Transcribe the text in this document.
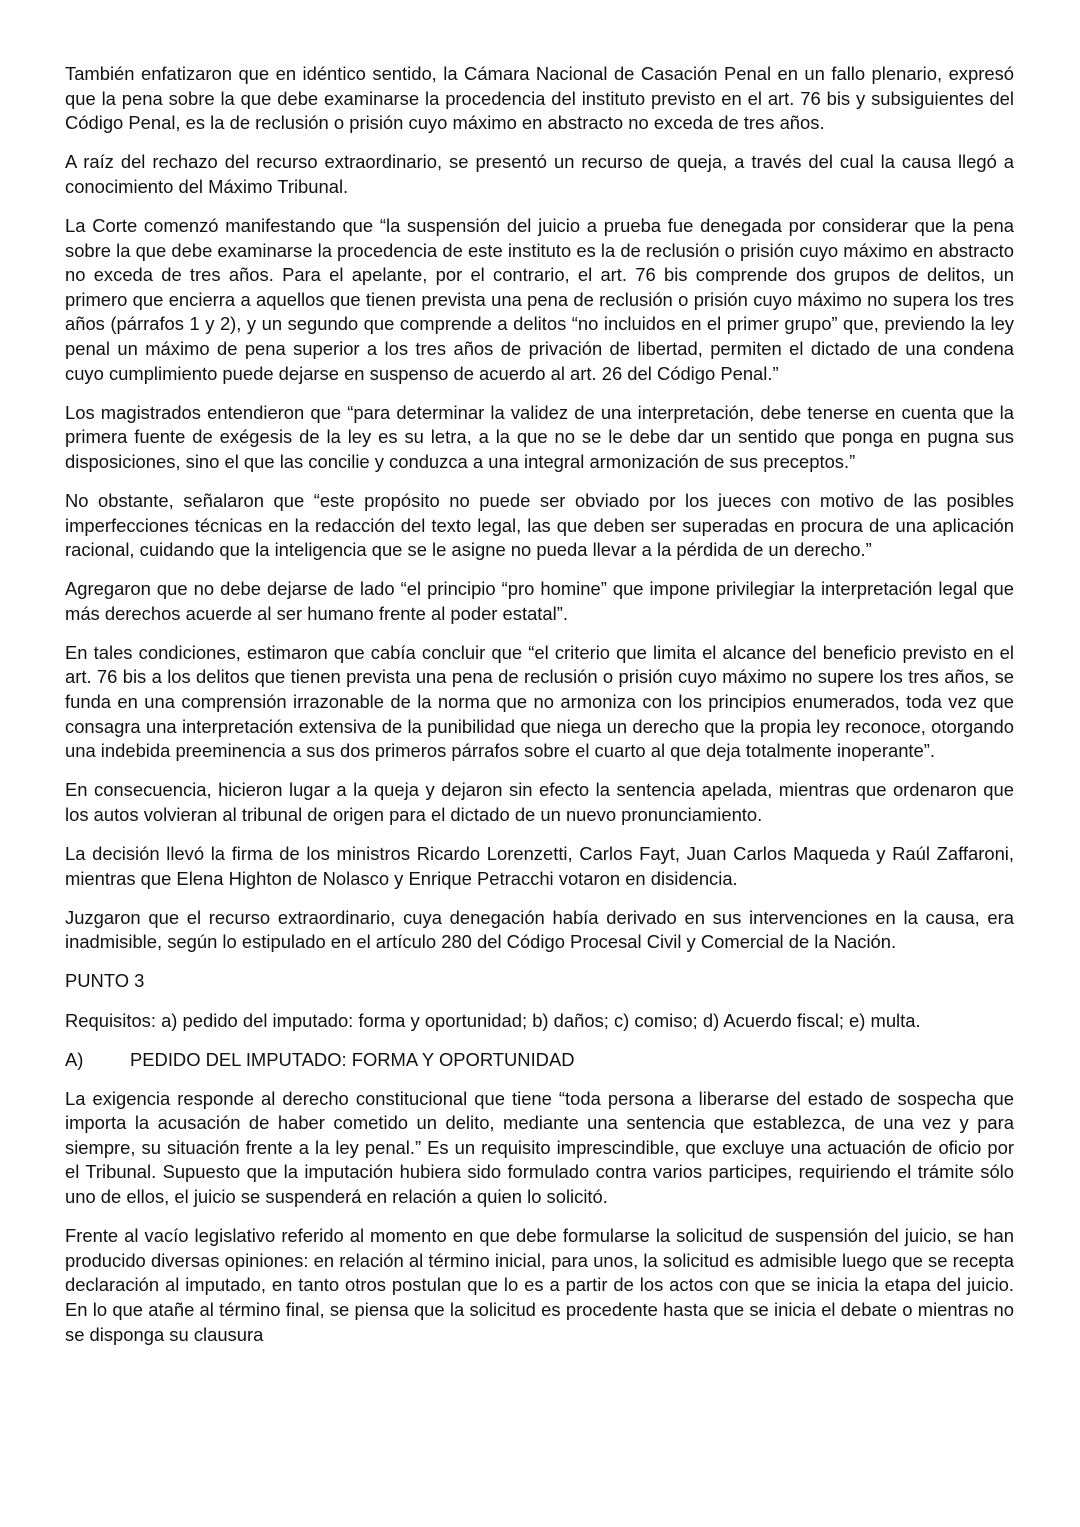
También enfatizaron que en idéntico sentido, la Cámara Nacional de Casación Penal en un fallo plenario, expresó que la pena sobre la que debe examinarse la procedencia del instituto previsto en el art. 76 bis y subsiguientes del Código Penal, es la de reclusión o prisión cuyo máximo en abstracto no exceda de tres años.

A raíz del rechazo del recurso extraordinario, se presentó un recurso de queja, a través del cual la causa llegó a conocimiento del Máximo Tribunal.

La Corte comenzó manifestando que “la suspensión del juicio a prueba fue denegada por considerar que la pena sobre la que debe examinarse la procedencia de este instituto es la de reclusión o prisión cuyo máximo en abstracto no exceda de tres años. Para el apelante, por el contrario, el art. 76 bis comprende dos grupos de delitos, un primero que encierra a aquellos que tienen prevista una pena de reclusión o prisión cuyo máximo no supera los tres años (párrafos 1 y 2), y un segundo que comprende a delitos “no incluidos en el primer grupo” que, previendo la ley penal un máximo de pena superior a los tres años de privación de libertad, permiten el dictado de una condena cuyo cumplimiento puede dejarse en suspenso de acuerdo al art. 26 del Código Penal.”

Los magistrados entendieron que “para determinar la validez de una interpretación, debe tenerse en cuenta que la primera fuente de exégesis de la ley es su letra, a la que no se le debe dar un sentido que ponga en pugna sus disposiciones, sino el que las concilie y conduzca a una integral armonización de sus preceptos.”

No obstante, señalaron que “este propósito no puede ser obviado por los jueces con motivo de las posibles imperfecciones técnicas en la redacción del texto legal, las que deben ser superadas en procura de una aplicación racional, cuidando que la inteligencia que se le asigne no pueda llevar a la pérdida de un derecho.”

Agregaron que no debe dejarse de lado “el principio “pro homine” que impone privilegiar la interpretación legal que más derechos acuerde al ser humano frente al poder estatal”.

En tales condiciones, estimaron que cabía concluir que “el criterio que limita el alcance del beneficio previsto en el art. 76 bis a los delitos que tienen prevista una pena de reclusión o prisión cuyo máximo no supere los tres años, se funda en una comprensión irrazonable de la norma que no armoniza con los principios enumerados, toda vez que consagra una interpretación extensiva de la punibilidad que niega un derecho que la propia ley reconoce, otorgando una indebida preeminencia a sus dos primeros párrafos sobre el cuarto al que deja totalmente inoperante”.

En consecuencia, hicieron lugar a la queja y dejaron sin efecto la sentencia apelada, mientras que ordenaron que los autos volvieran al tribunal de origen para el dictado de un nuevo pronunciamiento.

La decisión llevó la firma de los ministros Ricardo Lorenzetti, Carlos Fayt, Juan Carlos Maqueda y Raúl Zaffaroni, mientras que Elena Highton de Nolasco y Enrique Petracchi votaron en disidencia.

Juzgaron que el recurso extraordinario, cuya denegación había derivado en sus intervenciones en la causa, era inadmisible, según lo estipulado en el artículo 280 del Código Procesal Civil y Comercial de la Nación.

PUNTO 3

Requisitos: a) pedido del imputado: forma y oportunidad; b) daños; c) comiso; d) Acuerdo fiscal; e) multa.

A)	PEDIDO DEL IMPUTADO: FORMA Y OPORTUNIDAD

La exigencia responde al derecho constitucional que tiene “toda persona a liberarse del estado de sospecha que importa la acusación de haber cometido un delito, mediante una sentencia que establezca, de una vez y para siempre, su situación frente a la ley penal.” Es un requisito imprescindible, que excluye una actuación de oficio por el Tribunal. Supuesto que la imputación hubiera sido formulado contra varios participes, requiriendo el trámite sólo uno de ellos, el juicio se suspenderá en relación a quien lo solicitó.

Frente al vacío legislativo referido al momento en que debe formularse la solicitud de suspensión del juicio, se han producido diversas opiniones: en relación al término inicial, para unos, la solicitud es admisible luego que se recepta declaración al imputado, en tanto otros postulan que lo es a partir de los actos con que se inicia la etapa del juicio. En lo que atañe al término final, se piensa que la solicitud es procedente hasta que se inicia el debate o mientras no se disponga su clausura
